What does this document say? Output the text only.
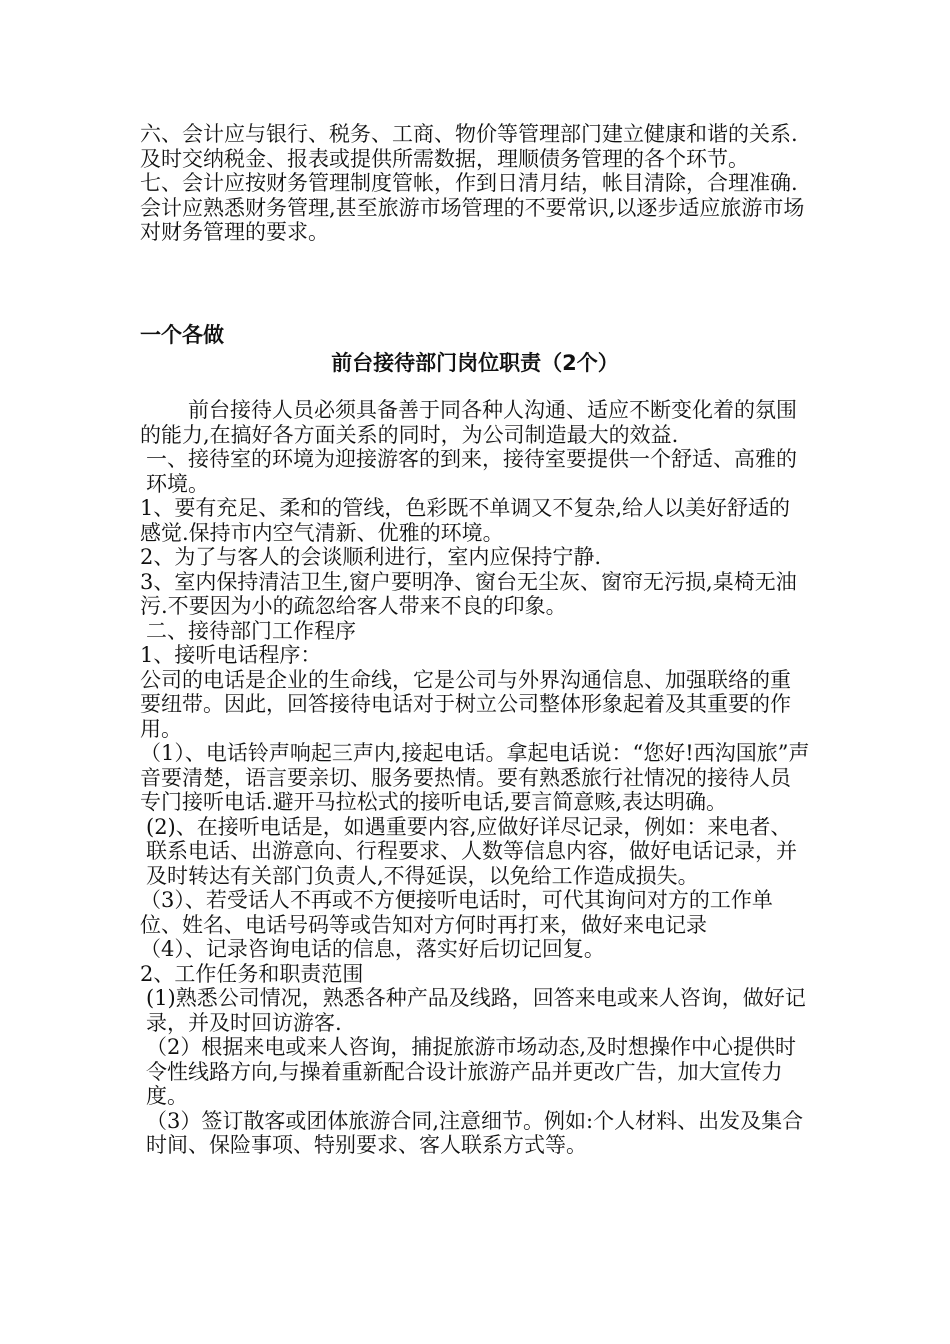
六、会计应与银行、税务、工商、物价等管理部门建立健康和谐的关系.及时交纳税金、报表或提供所需数据，理顺债务管理的各个环节。

七、会计应按财务管理制度管帐，作到日清月结，帐目清除，合理准确.会计应熟悉财务管理,甚至旅游市场管理的不要常识,以逐步适应旅游市场对财务管理的要求。

一个各做
前台接待部门岗位职责（2个）

前台接待人员必须具备善于同各种人沟通、适应不断变化着的氛围的能力,在搞好各方面关系的同时，为公司制造最大的效益.

一、接待室的环境为迎接游客的到来，接待室要提供一个舒适、高雅的环境。

1、要有充足、柔和的管线，色彩既不单调又不复杂,给人以美好舒适的感觉.保持市内空气清新、优雅的环境。

2、为了与客人的会谈顺利进行，室内应保持宁静.

3、室内保持清洁卫生,窗户要明净、窗台无尘灰、窗帘无污损,桌椅无油污.不要因为小的疏忽给客人带来不良的印象。

二、接待部门工作程序

1、接听电话程序：

公司的电话是企业的生命线，它是公司与外界沟通信息、加强联络的重要纽带。因此，回答接待电话对于树立公司整体形象起着及其重要的作用。

（1）、电话铃声响起三声内,接起电话。拿起电话说：“您好!西沟国旅”声音要清楚，语言要亲切、服务要热情。要有熟悉旅行社情况的接待人员专门接听电话.避开马拉松式的接听电话,要言简意赅,表达明确。

(2)、在接听电话是，如遇重要内容,应做好详尽记录，例如：来电者、联系电话、出游意向、行程要求、人数等信息内容，做好电话记录，并及时转达有关部门负责人,不得延误，以免给工作造成损失。

（3）、若受话人不再或不方便接听电话时，可代其询问对方的工作单位、姓名、电话号码等或告知对方何时再打来，做好来电记录

（4）、记录咨询电话的信息，落实好后切记回复。

2、工作任务和职责范围

(1)熟悉公司情况，熟悉各种产品及线路，回答来电或来人咨询，做好记录，并及时回访游客.

（2）根据来电或来人咨询，捕捉旅游市场动态,及时想操作中心提供时令性线路方向,与操着重新配合设计旅游产品并更改广告，加大宣传力度。

（3）签订散客或团体旅游合同,注意细节。例如:个人材料、出发及集合时间、保险事项、特别要求、客人联系方式等。
